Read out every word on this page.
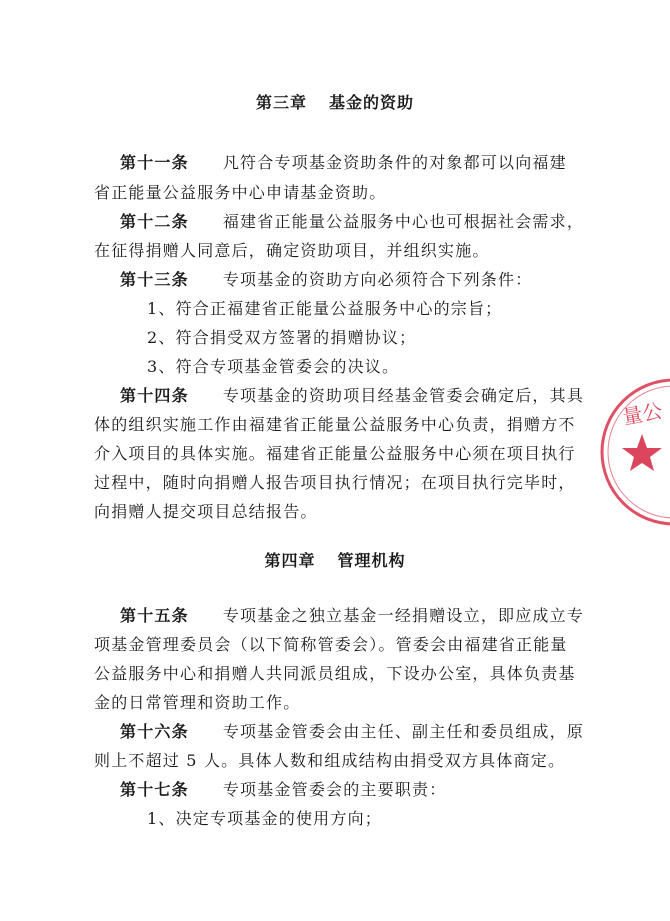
第三章 基金的资助
第十一条 凡符合专项基金资助条件的对象都可以向福建
省正能量公益服务中心申请基金资助。
第十二条 福建省正能量公益服务中心也可根据社会需求，
在征得捐赠人同意后，确定资助项目，并组织实施。
第十三条 专项基金的资助方向必须符合下列条件：
1、符合正福建省正能量公益服务中心的宗旨；
2、符合捐受双方签署的捐赠协议；
3、符合专项基金管委会的决议。
第十四条 专项基金的资助项目经基金管委会确定后，其具
体的组织实施工作由福建省正能量公益服务中心负责，捐赠方不
介入项目的具体实施。福建省正能量公益服务中心须在项目执行
过程中，随时向捐赠人报告项目执行情况；在项目执行完毕时，
向捐赠人提交项目总结报告。
第四章 管理机构
第十五条 专项基金之独立基金一经捐赠设立，即应成立专
项基金管理委员会（以下简称管委会）。管委会由福建省正能量
公益服务中心和捐赠人共同派员组成，下设办公室，具体负责基
金的日常管理和资助工作。
第十六条 专项基金管委会由主任、副主任和委员组成，原
则上不超过 5 人。具体人数和组成结构由捐受双方具体商定。
第十七条 专项基金管委会的主要职责：
1、决定专项基金的使用方向；
量公
